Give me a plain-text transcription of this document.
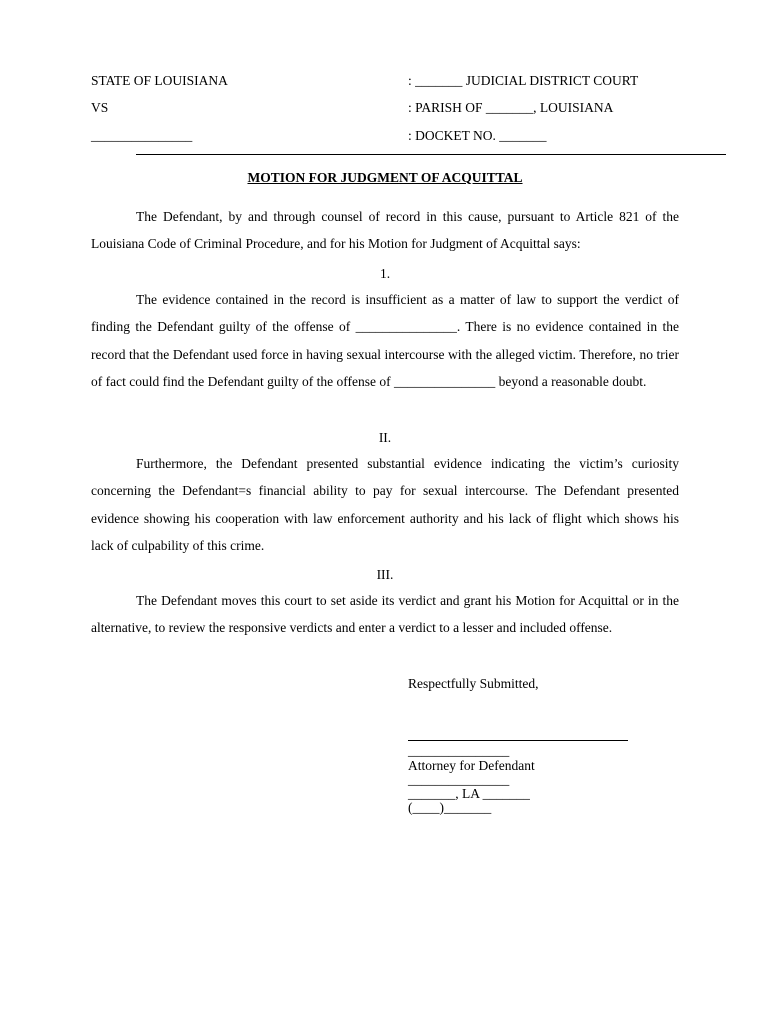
STATE OF LOUISIANA
VS
_______________
: _______ JUDICIAL DISTRICT COURT
: PARISH OF _______, LOUISIANA
: DOCKET NO. _______
MOTION FOR JUDGMENT OF ACQUITTAL

The Defendant, by and through counsel of record in this cause, pursuant to Article 821 of the Louisiana Code of Criminal Procedure, and for his Motion for Judgment of Acquittal says:

1.

The evidence contained in the record is insufficient as a matter of law to support the verdict of finding the Defendant guilty of the offense of _______________. There is no evidence contained in the record that the Defendant used force in having sexual intercourse with the alleged victim. Therefore, no trier of fact could find the Defendant guilty of the offense of _______________ beyond a reasonable doubt.

II.

Furthermore, the Defendant presented substantial evidence indicating the victim’s curiosity concerning the Defendant=s financial ability to pay for sexual intercourse. The Defendant presented evidence showing his cooperation with law enforcement authority and his lack of flight which shows his lack of culpability of this crime.

III.

The Defendant moves this court to set aside its verdict and grant his Motion for Acquittal or in the alternative, to review the responsive verdicts and enter a verdict to a lesser and included offense.

Respectfully Submitted,
_______________
Attorney for Defendant
_______________
_______, LA _______
(____)_______
